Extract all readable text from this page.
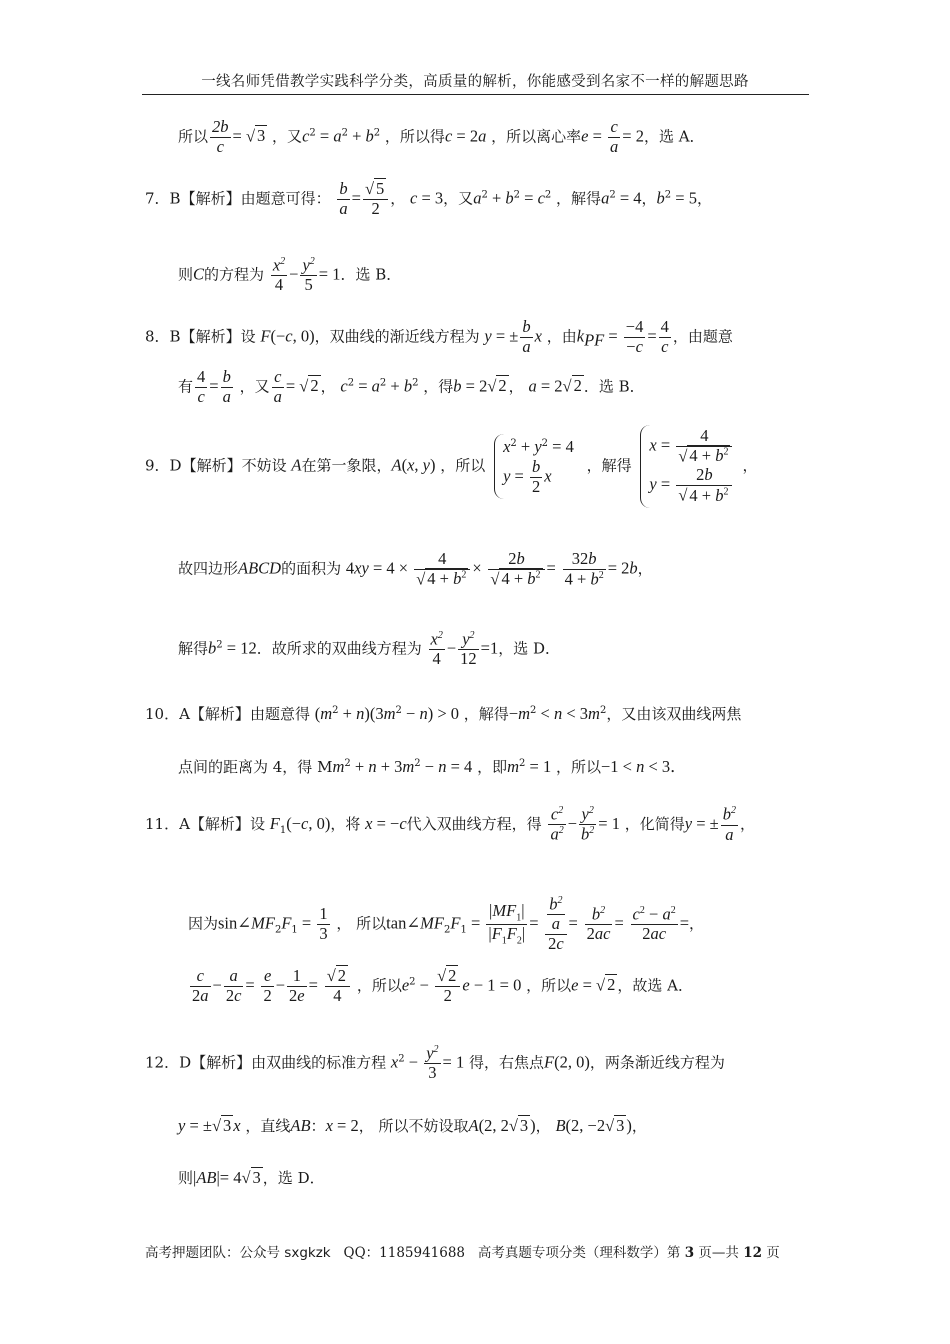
一线名师凭借教学实践科学分类，高质量的解析，你能感受到名家不一样的解题思路
所以 $\frac{2b}{c}$ = √ 3 ，又$c^2 = a^2 + b^2$ ，所以得c = 2a ，所以离心率$e = \frac{c}{a} = 2$，选 A．
7．B【解析】由题意可得： $\frac{b}{a} = \frac{√ 5}{2}$ ， c = 3，又$a^2 + b^2 = c^2$ ，解得$a^2 = 4$，$b^2 = 5$，
则C的方程为 $\frac{x^2}{4} - \frac{y^2}{5} = 1$．选 B．
8．B【解析】设 F(−c, 0)，双曲线的渐近线方程为 y = ± $\frac{b}{a}$ x ，由$k_{PF} = \frac{-4}{-c} = \frac{4}{c}$ ，由题意
有 $\frac{4}{c} = \frac{b}{a}$ ，又 $\frac{c}{a}$ = √ 2 ， $c^2 = a^2 + b^2$ ，得b = 2√ 2 ， a = 2√ 2 ．选 B．
9．D【解析】不妨设 A在第一象限，A(x, y) ，所以
$x^2 + y^2 = 4$
$y = \frac{b}{2}$ x
，解得
$x = \frac{4}{√ 4 + b^2}$
$y = \frac{2b}{√ 4 + b^2}$
，
故四边形ABCD的面积为 $4xy = 4 \times \frac{4}{√ 4 + b^2} \times \frac{2b}{√ 4 + b^2} = \frac{32b}{4 + b^2} = 2b$，
解得$b^2 = 12$．故所求的双曲线方程为 $\frac{x^2}{4} - \frac{y^2}{12} =1$，选 D．
10．A【解析】由题意得 $(m^2 + n)(3m^2 - n) > 0$ ，解得$-m^2 < n < 3m^2$，又由该双曲线两焦
点间的距离为 4，得 $Mm^2 + n + 3m^2 - n = 4$ ，即$m^2 = 1$ ，所以−1 < n < 3．
11．A【解析】设 $F_1(-c$, 0)，将 x = −c代入双曲线方程，得 $\frac{c^2}{a^2} - \frac{y^2}{b^2} = 1$ ，化简得y = ± $\frac{b^2}{a}$ ，
因为$\sin\angle MF_2F_1 = \frac{1}{3}$ ， 所以$\tan\angle MF_2F_1 = \frac{|MF_1|}{|F_1F_2|} = \frac{\frac{b^2}{a}}{2c} = \frac{b^2}{2ac} = \frac{c^2 - a^2}{2ac}$ =，
$\frac{c}{2a} - \frac{a}{2c} = \frac{e}{2} - \frac{1}{2e} = \frac{√ 2}{4}$ ，所以$e^2 - \frac{√ 2}{2}$ e − 1 = 0 ，所以e = √ 2 ，故选 A．
12．D【解析】由双曲线的标准方程 $x^2 - \frac{y^2}{3} = 1$ 得，右焦点F(2, 0)，两条渐近线方程为
y = ±√ 3 x ，直线AB：x = 2， 所以不妨设取A(2, 2√ 3 )， B(2, −2√ 3 )，
则|AB|= 4√ 3 ，选 D．
高考押题团队：公众号 sxgkzk QQ：1185941688 高考真题专项分类（理科数学）第 3 页—共 12 页
